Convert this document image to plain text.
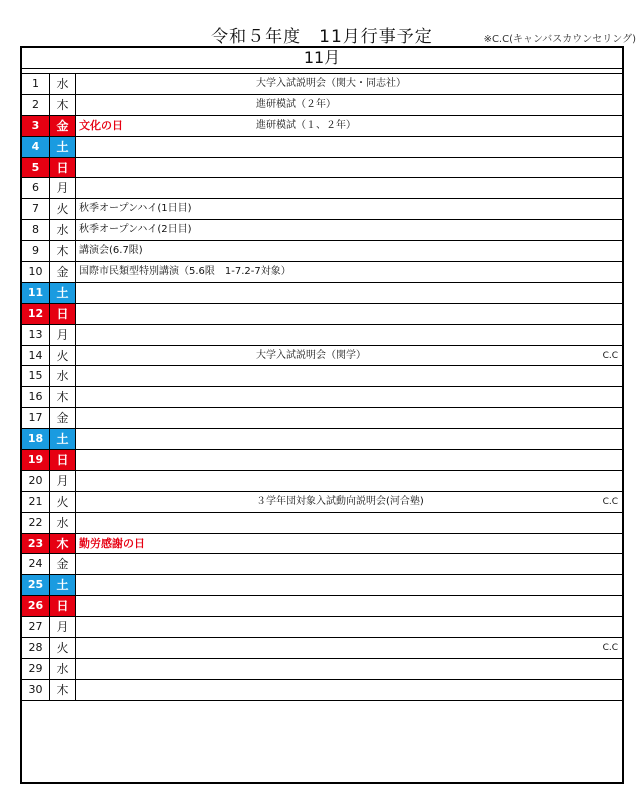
令和５年度　11月行事予定	※C.C(キャンバスカウンセリング)
11月
1	水	大学入試説明会（関大・同志社）
2	木	進研模試（２年）
3	金 文化の日	進研模試（１、２年）
4	土
5	日
6	月
7	火	秋季オープンハイ(1日目)
8	水	秋季オープンハイ(2日目)
9	木	講演会(6.7限)
10	金	国際市民類型特別講演（5.6限　1-7.2-7対象）
11	土
12	日
13	月
14	火	大学入試説明会（関学）	C.C
15	水
16	木
17	金
18	土
19	日
20	月
21	火	３学年団対象入試動向説明会(河合塾)	C.C
22	水
23	木 勤労感謝の日
24	金
25	土
26	日
27	月
28	火	C.C
29	水
30	木
